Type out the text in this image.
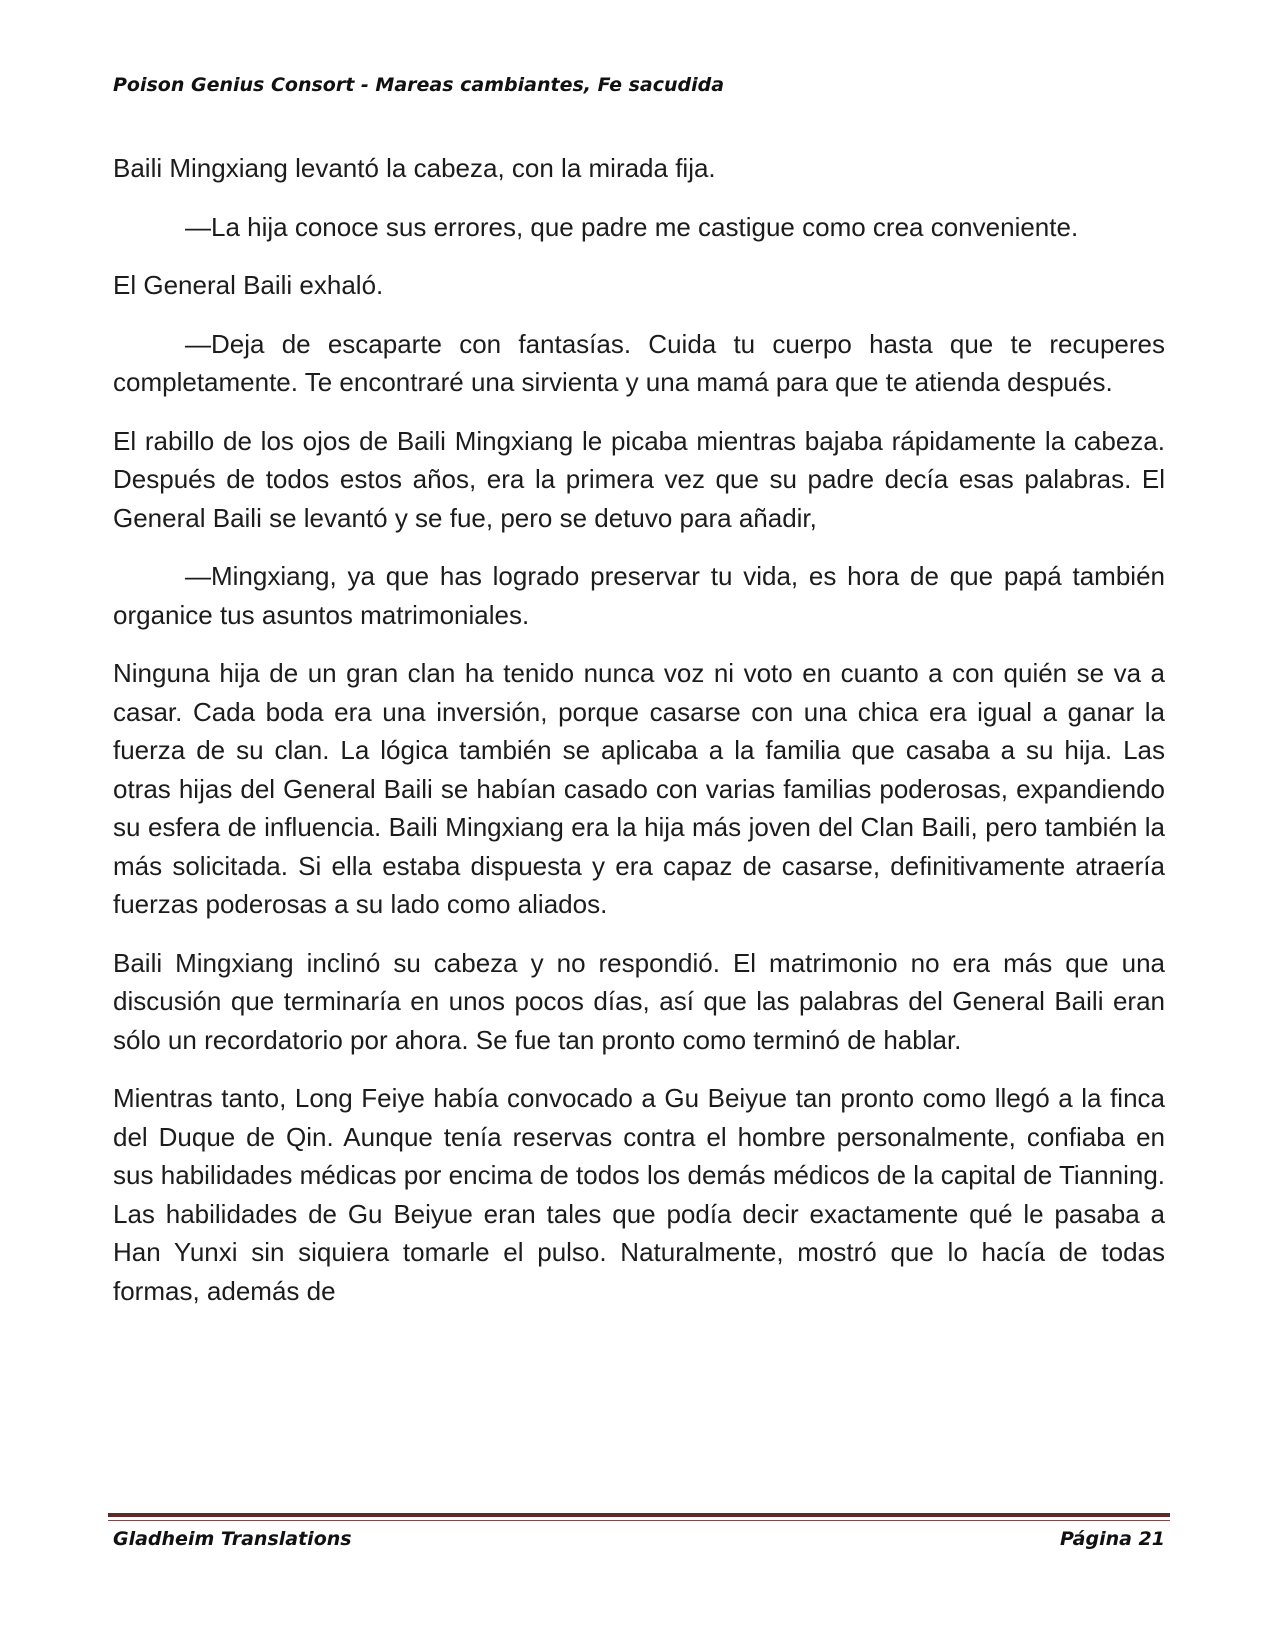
Poison Genius Consort - Mareas cambiantes, Fe sacudida

Baili Mingxiang levantó la cabeza, con la mirada fija.

—La hija conoce sus errores, que padre me castigue como crea conveniente.

El General Baili exhaló.

—Deja de escaparte con fantasías. Cuida tu cuerpo hasta que te recuperes completamente. Te encontraré una sirvienta y una mamá para que te atienda después.

El rabillo de los ojos de Baili Mingxiang le picaba mientras bajaba rápidamente la cabeza. Después de todos estos años, era la primera vez que su padre decía esas palabras. El General Baili se levantó y se fue, pero se detuvo para añadir,

—Mingxiang, ya que has logrado preservar tu vida, es hora de que papá también organice tus asuntos matrimoniales.

Ninguna hija de un gran clan ha tenido nunca voz ni voto en cuanto a con quién se va a casar. Cada boda era una inversión, porque casarse con una chica era igual a ganar la fuerza de su clan. La lógica también se aplicaba a la familia que casaba a su hija. Las otras hijas del General Baili se habían casado con varias familias poderosas, expandiendo su esfera de influencia. Baili Mingxiang era la hija más joven del Clan Baili, pero también la más solicitada. Si ella estaba dispuesta y era capaz de casarse, definitivamente atraería fuerzas poderosas a su lado como aliados.

Baili Mingxiang inclinó su cabeza y no respondió. El matrimonio no era más que una discusión que terminaría en unos pocos días, así que las palabras del General Baili eran sólo un recordatorio por ahora. Se fue tan pronto como terminó de hablar.

Mientras tanto, Long Feiye había convocado a Gu Beiyue tan pronto como llegó a la finca del Duque de Qin. Aunque tenía reservas contra el hombre personalmente, confiaba en sus habilidades médicas por encima de todos los demás médicos de la capital de Tianning. Las habilidades de Gu Beiyue eran tales que podía decir exactamente qué le pasaba a Han Yunxi sin siquiera tomarle el pulso. Naturalmente, mostró que lo hacía de todas formas, además de

Gladheim Translations	Página 21
